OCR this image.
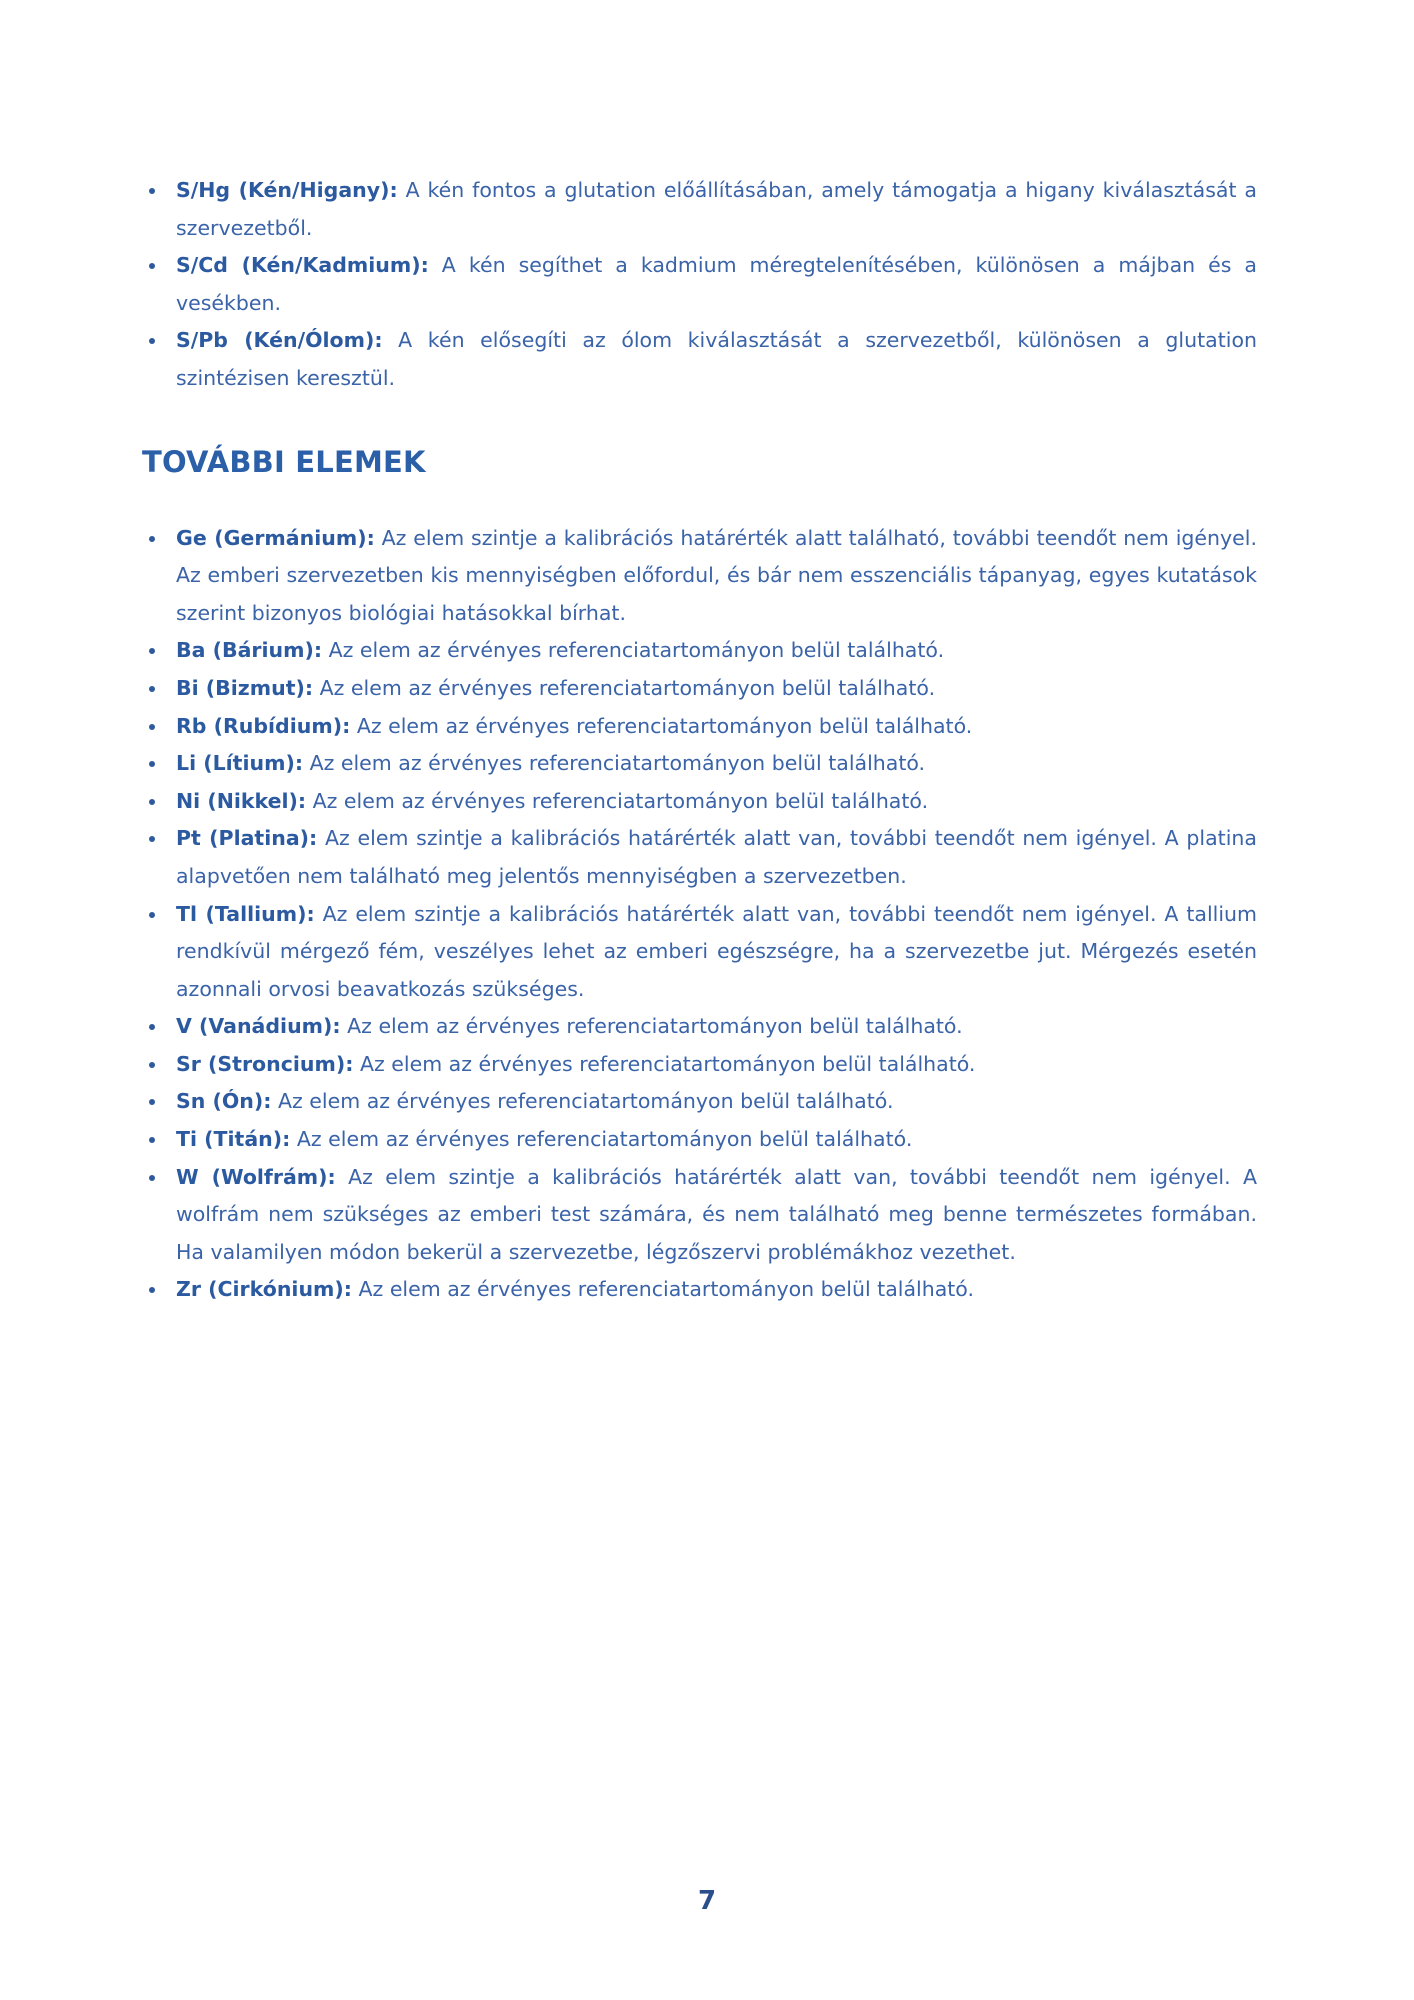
S/Hg (Kén/Higany): A kén fontos a glutation előállításában, amely támogatja a higany kiválasztását a szervezetből.
S/Cd (Kén/Kadmium): A kén segíthet a kadmium méregtelenítésében, különösen a májban és a vesékben.
S/Pb (Kén/Ólom): A kén elősegíti az ólom kiválasztását a szervezetből, különösen a glutation szintézisen keresztül.
TOVÁBBI ELEMEK
Ge (Germánium): Az elem szintje a kalibrációs határérték alatt található, további teendőt nem igényel. Az emberi szervezetben kis mennyiségben előfordul, és bár nem esszenciális tápanyag, egyes kutatások szerint bizonyos biológiai hatásokkal bírhat.
Ba (Bárium): Az elem az érvényes referenciatartományon belül található.
Bi (Bizmut): Az elem az érvényes referenciatartományon belül található.
Rb (Rubídium): Az elem az érvényes referenciatartományon belül található.
Li (Lítium): Az elem az érvényes referenciatartományon belül található.
Ni (Nikkel): Az elem az érvényes referenciatartományon belül található.
Pt (Platina): Az elem szintje a kalibrációs határérték alatt van, további teendőt nem igényel. A platina alapvetően nem található meg jelentős mennyiségben a szervezetben.
Tl (Tallium): Az elem szintje a kalibrációs határérték alatt van, további teendőt nem igényel. A tallium rendkívül mérgező fém, veszélyes lehet az emberi egészségre, ha a szervezetbe jut. Mérgezés esetén azonnali orvosi beavatkozás szükséges.
V (Vanádium): Az elem az érvényes referenciatartományon belül található.
Sr (Stroncium): Az elem az érvényes referenciatartományon belül található.
Sn (Ón): Az elem az érvényes referenciatartományon belül található.
Ti (Titán): Az elem az érvényes referenciatartományon belül található.
W (Wolfrám): Az elem szintje a kalibrációs határérték alatt van, további teendőt nem igényel. A wolfrám nem szükséges az emberi test számára, és nem található meg benne természetes formában. Ha valamilyen módon bekerül a szervezetbe, légzőszervi problémákhoz vezethet.
Zr (Cirkónium): Az elem az érvényes referenciatartományon belül található.
7
